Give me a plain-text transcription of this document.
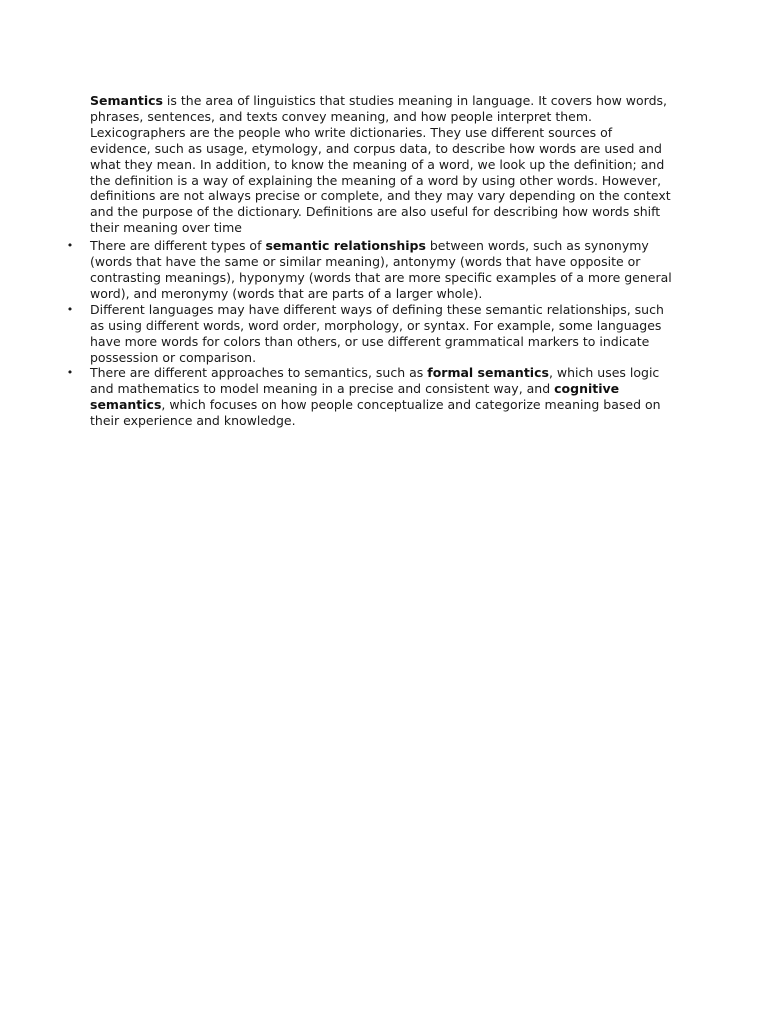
Semantics is the area of linguistics that studies meaning in language. It covers how words, phrases, sentences, and texts convey meaning, and how people interpret them. Lexicographers are the people who write dictionaries. They use different sources of evidence, such as usage, etymology, and corpus data, to describe how words are used and what they mean. In addition, to know the meaning of a word, we look up the definition; and the definition is a way of explaining the meaning of a word by using other words. However, definitions are not always precise or complete, and they may vary depending on the context and the purpose of the dictionary. Definitions are also useful for describing how words shift their meaning over time

• There are different types of semantic relationships between words, such as synonymy (words that have the same or similar meaning), antonymy (words that have opposite or contrasting meanings), hyponymy (words that are more specific examples of a more general word), and meronymy (words that are parts of a larger whole).
• Different languages may have different ways of defining these semantic relationships, such as using different words, word order, morphology, or syntax. For example, some languages have more words for colors than others, or use different grammatical markers to indicate possession or comparison.
• There are different approaches to semantics, such as formal semantics, which uses logic and mathematics to model meaning in a precise and consistent way, and cognitive semantics, which focuses on how people conceptualize and categorize meaning based on their experience and knowledge.
